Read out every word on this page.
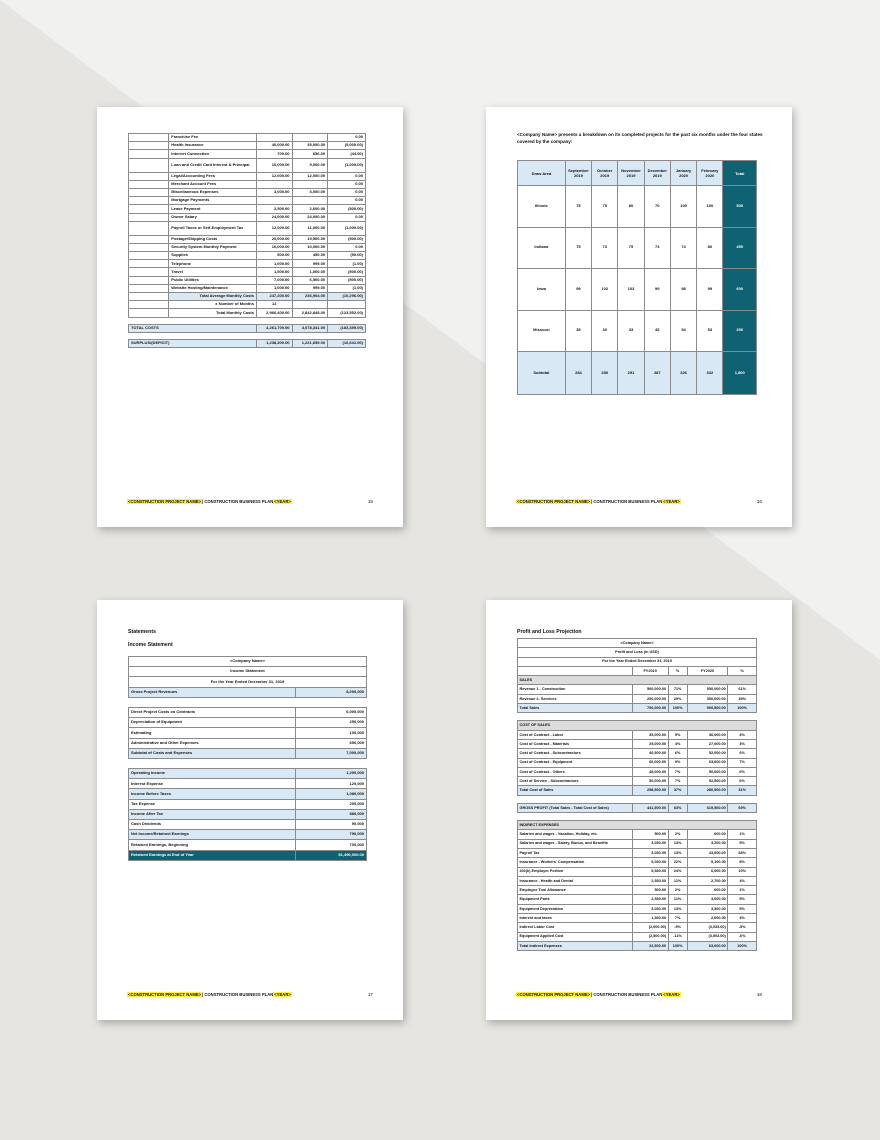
	Franchise Fee			0.00
	Health Insurance	40,000.00	35,000.00	(5,000.00)
	Internet Connection	700.00	656.00	(44.00)
	Loan and Credit Card Interest & Principal	10,000.00	9,000.00	(1,000.00)
	Legal/Accounting Fees	12,000.00	12,000.00	0.00
	Merchant Account Fees			0.00
	Miscellaneous Expenses	3,000.00	3,000.00	0.00
	Mortgage Payments			0.00
	Lease Payment	2,500.00	2,600.00	(500.00)
	Owner Salary	24,000.00	24,000.00	0.00
	Payroll Taxes or Self-Employment Tax	12,000.00	11,000.00	(1,000.00)
	Postage/Shipping Costs	20,000.00	19,500.00	(500.00)
	Security System Monthly Payment	10,000.00	10,000.00	0.00
	Supplies	500.00	450.00	(50.00)
	Telephone	1,000.00	999.00	(1.00)
	Travel	1,500.00	1,000.00	(500.00)
	Public Utilities	7,000.00	6,500.00	(500.00)
	Website Hosting/Maintenance	1,000.00	999.00	(1.00)
	Total Average Monthly Costs	247,200.00	236,904.00	(10,296.00)
	x Number of Months	12		
	Total Monthly Costs	2,966,400.00	2,842,848.00	(123,552.00)

TOTAL COSTS		4,261,700.00	4,078,341.00	(183,359.00)

SURPLUS/(DEFICIT)		1,238,300.00	1,221,659.00	(16,641.00)
<CONSTRUCTION PROJECT NAME> | CONSTRUCTION BUSINESS PLAN <YEAR>	15
<Company Name> presents a breakdown on its completed projects for the past six months under the four states covered by the company:
Draw Area	September 2019	October 2019	November 2019	December 2019	January 2020	February 2020	Total
Illinois	75	75	80	70	100	100	500
Indiana	75	73	75	73	74	80	450
Iowa	99	102	103	99	98	99	600
Missouri	35	30	33	45	54	53	250
Subtotal	284	280	291	287	326	332	1,800
<CONSTRUCTION PROJECT NAME> | CONSTRUCTION BUSINESS PLAN <YEAR>	16
Statements
Income Statement
<Company Name>	
Income Statement	
For the Year Ended December 31, 2019	
Gross Project Revenues	8,200,000

Direct Project Costs on Contracts	6,000,000
Depreciation of Equipment	250,000
Estimating	100,000
Administrative and Other Expenses	650,000
Subtotal of Costs and Expenses	7,000,000

Operating Income	1,200,000
Interest Expense	120,000
Income Before Taxes	1,080,000
Tax Expense	200,000
Income After Tax	880,000
Cash Dividends	90,000
Net Income/Retained Earnings	790,000
Retained Earnings, Beginning	700,000
Retained Earnings at End of Year	$1,490,000.00
<CONSTRUCTION PROJECT NAME> | CONSTRUCTION BUSINESS PLAN <YEAR>	17
Profit and Loss Projection
<Company Name>				
Profit and Loss (in USD)				
For the Year Ended December 31, 2019				
	FY2019	%	FY2020	%
SALES				
Revenue 1 - Construction	500,000.00	71%	550,000.00	61%
Revenue 2- Services	200,000.00	29%	350,000.00	39%
Total Sales	700,000.00	100%	900,500.00	100%

COST OF SALES				
Cost of Contract - Labor	35,000.00	5%	36,000.00	4%
Cost of Contract - Materials	25,000.00	4%	27,000.00	3%
Cost of Contract - Subcontractors	40,500.00	6%	52,000.00	6%
Cost of Contract - Equipment	60,000.00	9%	63,000.00	7%
Cost of Contract - Others	48,000.00	7%	50,000.00	6%
Cost of Service - Subcontractors	50,000.00	7%	52,500.00	6%
Total Cost of Sales	258,500.00	37%	280,500.00	31%

GROSS PROFIT (Total Sales - Total Cost of Sales)	441,500.00	63%	619,500.00	69%

INDIRECT EXPENSES				
Salaries and wages - Vacation, Holiday, etc.	500.00	2%	600.00	1%
Salaries and wages - Salary, Bonus, and Benefits	3,030.00	13%	3,200.00	5%
Payroll Tax	3,030.00	13%	43,000.00	68%
Insurance - Workers' Compensation	5,030.00	22%	5,100.00	8%
401(k) Employer Portion	5,530.00	24%	6,000.00	10%
Insurance - Health and Dental	2,530.00	11%	2,700.00	4%
Employee Tool Allowance	500.00	2%	600.00	1%
Equipment Parts	2,530.00	11%	3,000.00	5%
Equipment Depreciation	3,030.00	13%	3,300.00	5%
Interest and taxes	1,530.00	7%	2,000.00	3%
Indirect Labor Cost	(2,000.00)	-9%	(3,033.00)	-5%
Equipment Applied Cost	(2,500.00)	-11%	(3,503.00)	-6%
Total Indirect Expenses	22,500.00	100%	63,000.00	100%
<CONSTRUCTION PROJECT NAME> | CONSTRUCTION BUSINESS PLAN <YEAR>	18
